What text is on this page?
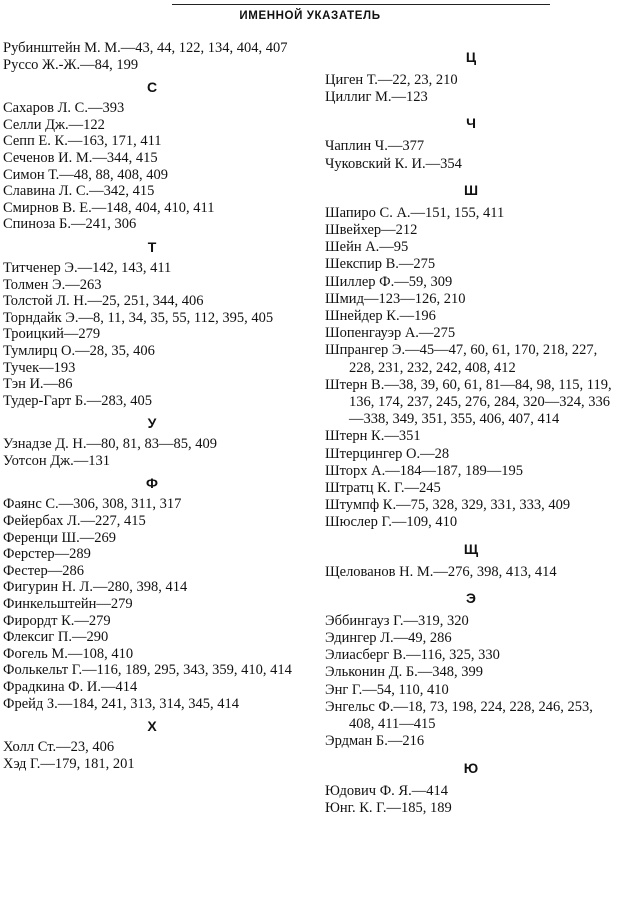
ИМЕННОЙ УКАЗАТЕЛЬ
Рубинштейн М. М.—43, 44, 122, 134, 404, 407
Руссо Ж.-Ж.—84, 199
С
Сахаров Л. С.—393
Селли Дж.—122
Сепп Е. К.—163, 171, 411
Сеченов И. М.—344, 415
Симон Т.—48, 88, 408, 409
Славина Л. С.—342, 415
Смирнов В. Е.—148, 404, 410, 411
Спиноза Б.—241, 306
Т
Титченер Э.—142, 143, 411
Толмен Э.—263
Толстой Л. Н.—25, 251, 344, 406
Торндайк Э.—8, 11, 34, 35, 55, 112, 395, 405
Троицкий—279
Тумлирц О.—28, 35, 406
Тучек—193
Тэн И.—86
Тудер-Гарт Б.—283, 405
У
Узнадзе Д. Н.—80, 81, 83—85, 409
Уотсон Дж.—131
Ф
Фаянс С.—306, 308, 311, 317
Фейербах Л.—227, 415
Ференци Ш.—269
Ферстер—289
Фестер—286
Фигурин Н. Л.—280, 398, 414
Финкельштейн—279
Фирордт К.—279
Флексиг П.—290
Фогель М.—108, 410
Фолькельт Г.—116, 189, 295, 343, 359, 410, 414
Фрадкина Ф. И.—414
Фрейд З.—184, 241, 313, 314, 345, 414
Х
Холл Ст.—23, 406
Хэд Г.—179, 181, 201
Ц
Циген Т.—22, 23, 210
Циллиг М.—123
Ч
Чаплин Ч.—377
Чуковский К. И.—354
Ш
Шапиро С. А.—151, 155, 411
Швейхер—212
Шейн А.—95
Шекспир В.—275
Шиллер Ф.—59, 309
Шмид—123—126, 210
Шнейдер К.—196
Шопенгауэр А.—275
Шпрангер Э.—45—47, 60, 61, 170, 218, 227, 228, 231, 232, 242, 408, 412
Штерн В.—38, 39, 60, 61, 81—84, 98, 115, 119, 136, 174, 237, 245, 276, 284, 320—324, 336—338, 349, 351, 355, 406, 407, 414
Штерн К.—351
Штерцингер О.—28
Шторх А.—184—187, 189—195
Штратц К. Г.—245
Штумпф К.—75, 328, 329, 331, 333, 409
Шюслер Г.—109, 410
Щ
Щелованов Н. М.—276, 398, 413, 414
Э
Эббингауз Г.—319, 320
Эдингер Л.—49, 286
Элиасберг В.—116, 325, 330
Эльконин Д. Б.—348, 399
Энг Г.—54, 110, 410
Энгельс Ф.—18, 73, 198, 224, 228, 246, 253, 408, 411—415
Эрдман Б.—216
Ю
Юдович Ф. Я.—414
Юнг. К. Г.—185, 189
